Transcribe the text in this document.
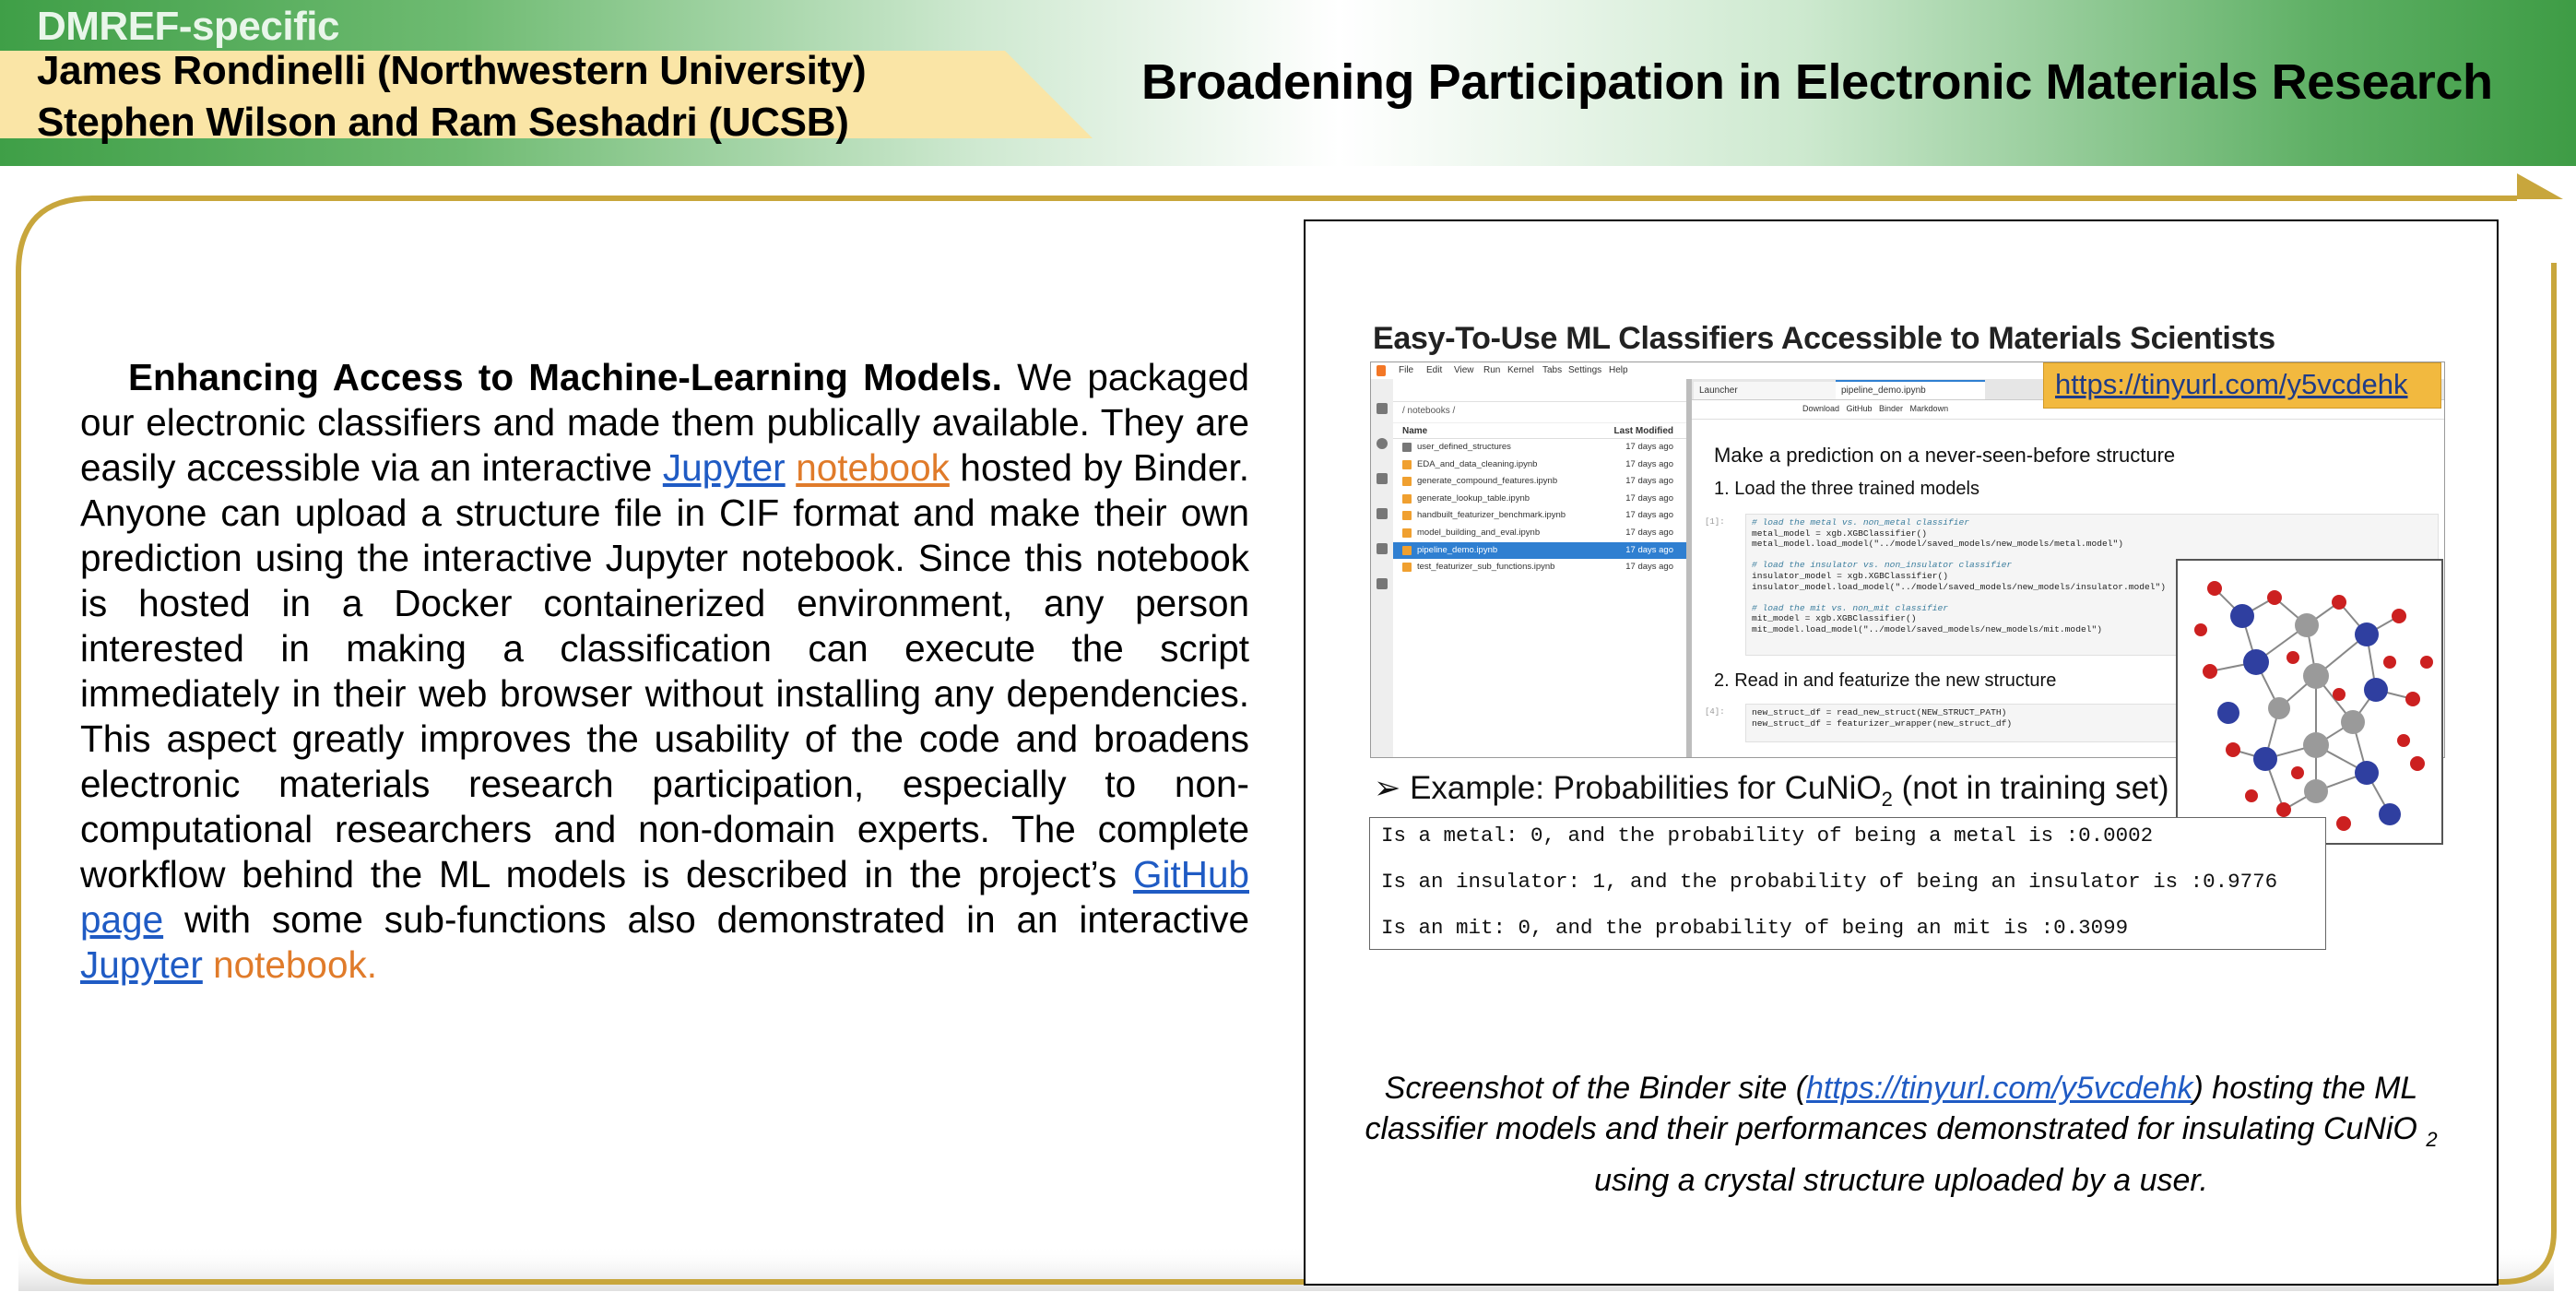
DMREF-specific
James Rondinelli (Northwestern University)
Stephen Wilson and Ram Seshadri (UCSB)
Broadening Participation in Electronic Materials Research
Enhancing Access to Machine-Learning Models. We packaged our electronic classifiers and made them publically available. They are easily accessible via an interactive Jupyter notebook hosted by Binder. Anyone can upload a structure file in CIF format and make their own prediction using the interactive Jupyter notebook. Since this notebook is hosted in a Docker containerized environment, any person interested in making a classification can execute the script immediately in their web browser without installing any dependencies. This aspect greatly improves the usability of the code and broadens electronic materials research participation, especially to non-computational researchers and non-domain experts. The complete workflow behind the ML models is described in the project’s GitHub page with some sub-functions also demonstrated in an interactive Jupyter notebook.
Easy-To-Use ML Classifiers Accessible to Materials Scientists
File Edit View Run Kernel Tabs Settings Help
/ notebooks /
Name	Last Modified
user_defined_structures	17 days ago
EDA_and_data_cleaning.ipynb	17 days ago
generate_compound_features.ipynb	17 days ago
generate_lookup_table.ipynb	17 days ago
handbuilt_featurizer_benchmark.ipynb	17 days ago
model_building_and_eval.ipynb	17 days ago
pipeline_demo.ipynb	17 days ago
test_featurizer_sub_functions.ipynb	17 days ago
Launcher	pipeline_demo.ipynb
Download   GitHub   Binder   Markdown
Make a prediction on a never-seen-before structure
1. Load the three trained models
[1]:	# load the metal vs. non_metal classifier
metal_model = xgb.XGBClassifier()
metal_model.load_model("../model/saved_models/new_models/metal.model")

# load the insulator vs. non_insulator classifier
insulator_model = xgb.XGBClassifier()
insulator_model.load_model("../model/saved_models/new_models/insulator.model")

# load the mit vs. non_mit classifier
mit_model = xgb.XGBClassifier()
mit_model.load_model("../model/saved_models/new_models/mit.model")
2. Read in and featurize the new structure
[4]:	new_struct_df = read_new_struct(NEW_STRUCT_PATH)
new_struct_df = featurizer_wrapper(new_struct_df)
https://tinyurl.com/y5vcdehk
➢ Example: Probabilities for CuNiO$_2$ (not in training set)
Is a metal: 0, and the probability of being a metal is :0.0002
Is an insulator: 1, and the probability of being an insulator is :0.9776
Is an mit: 0, and the probability of being an mit is :0.3099
Screenshot of the Binder site (https://tinyurl.com/y5vcdehk) hosting the ML classifier models and their performances demonstrated for insulating CuNiO $_2$
using a crystal structure uploaded by a user.
